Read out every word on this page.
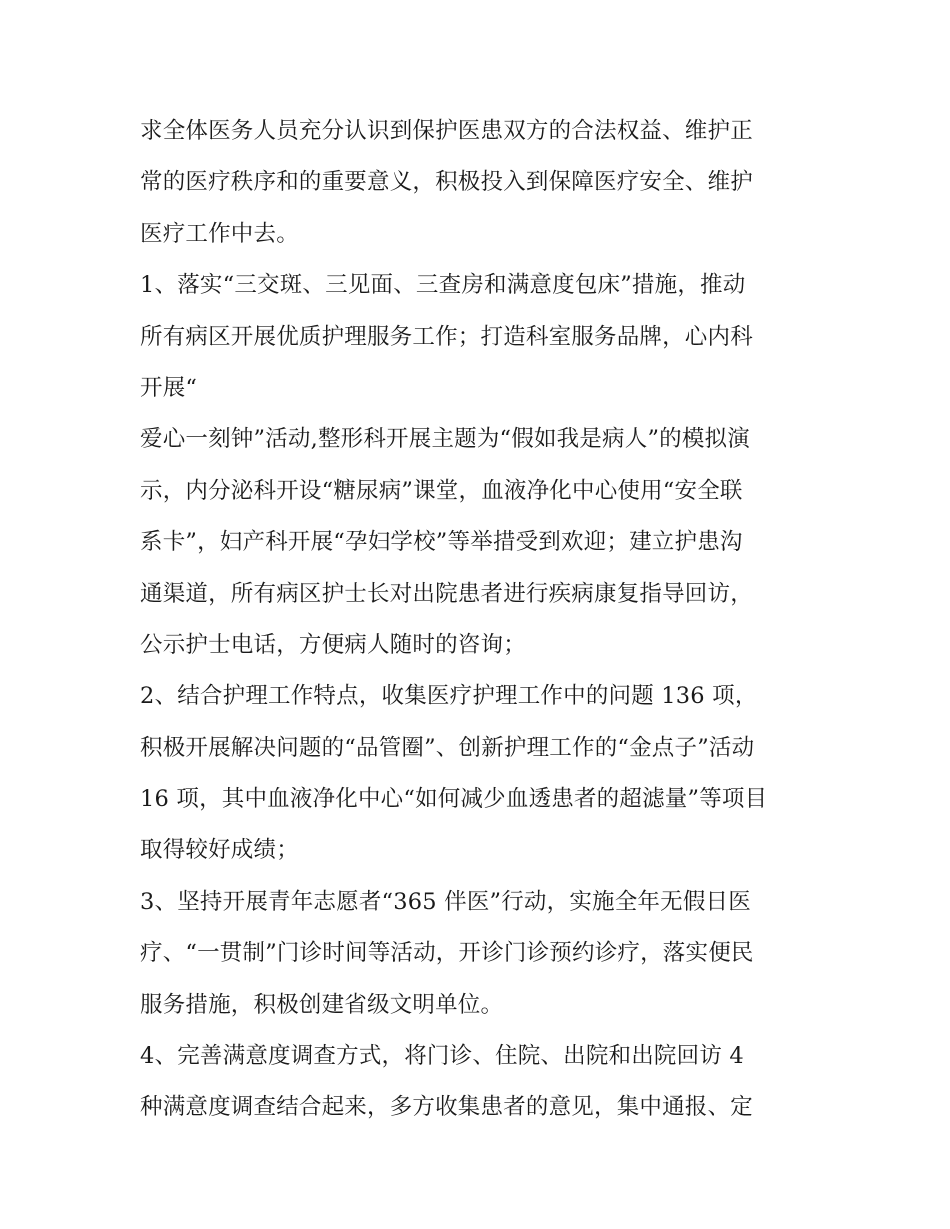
求全体医务人员充分认识到保护医患双方的合法权益、维护正
常的医疗秩序和的重要意义，积极投入到保障医疗安全、维护
医疗工作中去。
1、落实“三交斑、三见面、三查房和满意度包床”措施，推动
所有病区开展优质护理服务工作；打造科室服务品牌，心内科
开展“
爱心一刻钟”活动,整形科开展主题为“假如我是病人”的模拟演
示，内分泌科开设“糖尿病”课堂，血液净化中心使用“安全联
系卡”，妇产科开展“孕妇学校”等举措受到欢迎；建立护患沟
通渠道，所有病区护士长对出院患者进行疾病康复指导回访，
公示护士电话，方便病人随时的咨询；
2、结合护理工作特点，收集医疗护理工作中的问题 136 项，
积极开展解决问题的“品管圈”、创新护理工作的“金点子”活动
16 项，其中血液净化中心“如何减少血透患者的超滤量”等项目
取得较好成绩；
3、坚持开展青年志愿者“365 伴医”行动，实施全年无假日医
疗、“一贯制”门诊时间等活动，开诊门诊预约诊疗，落实便民
服务措施，积极创建省级文明单位。
4、完善满意度调查方式，将门诊、住院、出院和出院回访 4
种满意度调查结合起来，多方收集患者的意见，集中通报、定
